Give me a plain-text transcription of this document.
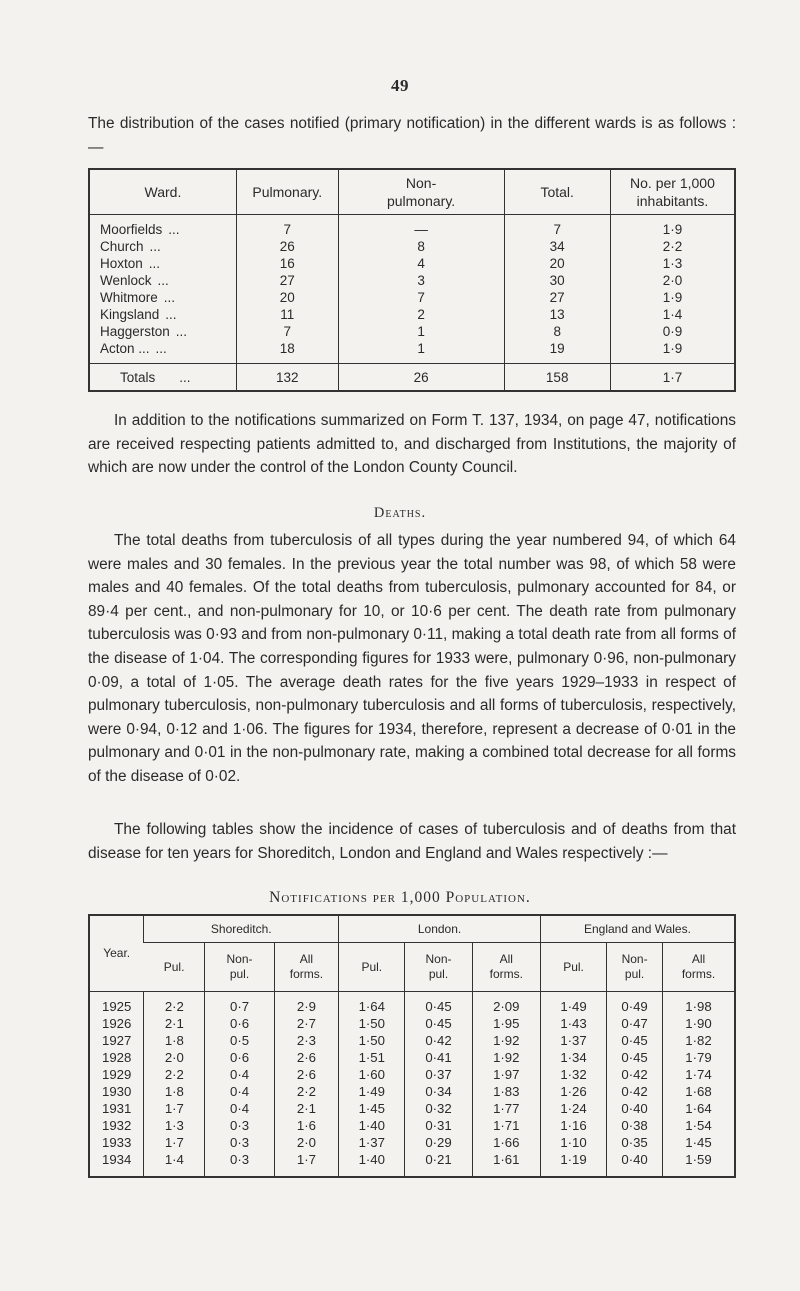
49

The distribution of the cases notified (primary notification) in the different wards is as follows :—

Ward.	Pulmonary.	Non-pulmonary.	Total.	No. per 1,000 inhabitants.
Moorfields ...	7	—	7	1·9
Church ...	26	8	34	2·2
Hoxton ...	16	4	20	1·3
Wenlock ...	27	3	30	2·0
Whitmore ...	20	7	27	1·9
Kingsland ...	11	2	13	1·4
Haggerston ...	7	1	8	0·9
Acton ... ...	18	1	19	1·9

Totals ...	132	26	158	1·7

In addition to the notifications summarized on Form T. 137, 1934, on page 47, notifications are received respecting patients admitted to, and discharged from Institutions, the majority of which are now under the control of the London County Council.

Deaths.

The total deaths from tuberculosis of all types during the year numbered 94, of which 64 were males and 30 females. In the previous year the total number was 98, of which 58 were males and 40 females. Of the total deaths from tuberculosis, pulmonary accounted for 84, or 89·4 per cent., and non-pulmonary for 10, or 10·6 per cent. The death rate from pulmonary tuberculosis was 0·93 and from non-pulmonary 0·11, making a total death rate from all forms of the disease of 1·04. The corresponding figures for 1933 were, pulmonary 0·96, non-pulmonary 0·09, a total of 1·05. The average death rates for the five years 1929–1933 in respect of pulmonary tuberculosis, non-pulmonary tuberculosis and all forms of tuberculosis, respectively, were 0·94, 0·12 and 1·06. The figures for 1934, therefore, represent a decrease of 0·01 in the pulmonary and 0·01 in the non-pulmonary rate, making a combined total decrease for all forms of the disease of 0·02.

The following tables show the incidence of cases of tuberculosis and of deaths from that disease for ten years for Shoreditch, London and England and Wales respectively :—

Notifications per 1,000 Population.
Year.	Shoreditch.			London.			England and Wales.		
	Pul.	Non-pul.	All forms.	Pul.	Non-pul.	All forms.	Pul.	Non-pul.	All forms.
1925	2·2	0·7	2·9	1·64	0·45	2·09	1·49	0·49	1·98
1926	2·1	0·6	2·7	1·50	0·45	1·95	1·43	0·47	1·90
1927	1·8	0·5	2·3	1·50	0·42	1·92	1·37	0·45	1·82
1928	2·0	0·6	2·6	1·51	0·41	1·92	1·34	0·45	1·79
1929	2·2	0·4	2·6	1·60	0·37	1·97	1·32	0·42	1·74
1930	1·8	0·4	2·2	1·49	0·34	1·83	1·26	0·42	1·68
1931	1·7	0·4	2·1	1·45	0·32	1·77	1·24	0·40	1·64
1932	1·3	0·3	1·6	1·40	0·31	1·71	1·16	0·38	1·54
1933	1·7	0·3	2·0	1·37	0·29	1·66	1·10	0·35	1·45
1934	1·4	0·3	1·7	1·40	0·21	1·61	1·19	0·40	1·59
